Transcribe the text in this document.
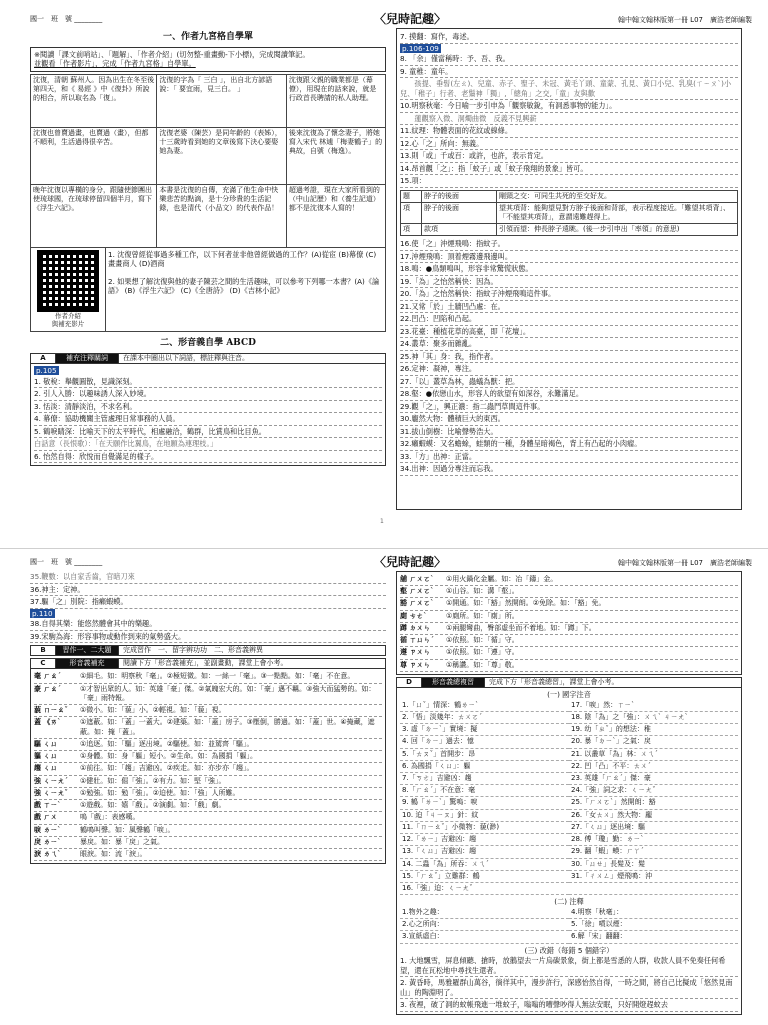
國一　班　號 ________	〈兒時記趣〉	翰中翰文翰林版第一冊 L07　廣浩老師編製
一、作者九宮格自學單
※閱讀「課文前哨站」、「題解」、「作者介紹」(切勿整-重畫動-下小標)，完成閱讀筆記。
並觀看「作者影片」，完成「作者九宮格」自學單。
沈復，清朝 蘇州人。因為出生在冬至後第四天，和《 易經 》中《復卦》所說的相合，所以取名為「復」。	沈復的字為「 三白 」，出自北方諺語說：「 要宜雨，見三白。 」	沈復跟父親的職業都是（幕僚），用現在的話來說，就是行政首長聘請的私人助理。
沈復也曾賣過畫，也賣過（畫），但都不順利，生活過得很辛苦。	沈復老婆（陳芸）是同年齡的（表姊），十三歲時看到她的文章後寫下決心要娶她為妻。	後來沈復為了懷念妻子，將她寫入宋代 林逋「梅妻鶴子」的典故，自號（梅逸）。
晚年沈復以專橫的身分，跟隨使節團出使琉球國，在琉球停留四個半月，寫下《浮生六記》。	本書是沈復的自傳，充滿了他生命中快樂悲苦的點滴，是十分珍貴的生活記錄，也是清代（小品文）的代表作品！	超過考證，現在大家所看到的（中山記歷）和（養生記道）都不是沈復本人寫的！
作者介紹
與補充影片
1. 沈復曾經從事過多種工作，以下何者並非他曾經做過的工作？(A)從宦 (B)幕僚 (C)畫畫商人 (D)酒商
2. 如果想了解沈復與他的妻子陳芸之間的生活趣味，可以參考下列哪一本書？(A)《論語》 (B)《浮生六記》 (C)《全唐詩》 (D)《吉林小記》
二、形音義自學 ABCD
A	補充注釋關詞	在課本中圈出以下詞語，標註釋與注音。
p.105
1. 敬稅：舉觀圓散，見識深刻。
2. 引人入勝：以趣味誘人深入妙境。
3. 恬淡：清靜淡泊，不求名利。
4. 幕僚：協助機關主管處理日常事務的人員。
5. 鶴唳睛深：比喻天下的太平時代，相處融洽，鶴群，比賞鳥和比目魚。
白話意（長恨歌）：「在天願作比翼鳥，在地願為連理枝。」
6. 怡然自得：欣悅而自覺滿足的樣子。
7. 摸翻：寫作，毒述。
p.106-109
8. 「余」僅當稱時：予、吾、我。
9. 童稚：童年。
　　孩提、垂髫(左ㄠ)、兒童、赤子、聖子、未冠、黃毛丫頭、童蒙、孔見、黃口小兒、乳臭(ㄒㄧㄡˋ)小兒、「稚子」行者、老鬚神「獨」,「總角」之交,「童」友與歡
10.明察秋毫：今日喻一步引申為「觀察敏銳，有洞悉事物的能力」。
　　蓮觀察入微、洞燭曲微　反義不見興薪
11.紋理：物體表面的花紋或線條。
12.心「之」所向：無義。
13.則「或」千或百：或許，也許，表示肯定。
14.昂首觀「之」：指「蚊子」或「蚊子飛翔的景象」皆可。
15.項：
題	脖子的後面	剛頸之交：可同生共死的至交好友。
項	脖子的後面	望其項背：能夠望見對方脖子後面和背部，表示程度接近。「難望其項背」、「不能望其項背」，意謂遠難趕得上。
項	款項	引領而望：伸長脖子遠眺。(後一步引申出「率領」的意思)
16.使「之」沖煙飛鳴：指蚊子。
17.沖煙飛鳴：頂着煙霧邊飛邊叫。
18.鳴：●鳥類鳴叫，形容非常驚慌狀態。
19.「為」之怡然稱快：因為。
20.「為」之怡然稱快：指蚊子沖煙飛鳴這件事。
21.又常「於」土牆凹凸處：在。
22.凹凸：凹陷和凸起。
23.花臺：種植花草的高臺，即「花壇」。
24.叢草：聚多而雜亂。
25.神「其」身：我，指作者。
26.定神：凝神，專注。
27.「以」叢草為林，蟲蟻為獸：把。
28.壑：●依戀山水，形容人的欲望有如深谷，永難滿足。
29.觀「之」，興正濃：指二蟲鬥草間這件事。
30.龐然大物：體積巨大的東西。
31.拔山倒樹：比喻聲勢浩大。
32.癩蝦蟆：又名蟾蜍，蛙類的一種，身體呈暗褐色，背上有凸起的小肉瘤。
33.「方」出神：正當。
34.出神：因過分專注而忘我。
1
國一　班　號 ________	〈兒時記趣〉	翰中翰文翰林版第一冊 L07　廣浩老師編製
35.鞭數：以自家舌齒，官暗刀來
36.神主：定神。
37.驅「之」別院：指癩蝦蟆。
p.110
38.自得其樂：能悠然體會其中的樂趣。
39.宋駒為海：形容事物或動作到來的氣勢盛大。
B	習作一、二大題	完成習作　一、留字辨功功　二、形音義辨異
C	形音義補充	閱讀下方「形音義補充」，並副畫動，課堂上會小考。
毫 ㄏㄠˊ	①細毛。如：明察秋「毫」。②極短微。如：一絲一「毫」。③一點點。如：「毫」不在意。
豪 ㄏㄠˊ	①才智出眾的人。如：英雄「豪」傑。②氣魄宏大的。如：「豪」邁不羈。③強大而猛勢的。如：「豪」雨特報。
藐 ㄇㄧㄠˇ	①微小。如：「藐」小。②輕視。如：「藐」視。
蓋 《ㄞˋ	①遮蔽。如：「蓋」一蓋大。②建築。如：「蓋」房子。③壓倒，勝過。如：「蓋」世。④掩藏，遮蔽。如：掩「蓋」。
驅 ㄑㄩ	①追逐。如：「驅」逐出境。②驅使。如：並駕齊「驅」。
軀 ㄑㄩ	①身體。如：身「軀」短小。②生命。如：為國捐「軀」。
趨 ㄑㄩ	①前往。如：「趨」吉避凶。②疾走。如：亦步亦「趨」。
強 ㄑㄧㄤˊ	①健壯。如：倔「強」。②有力。如：堅「強」。
強 ㄑㄧㄤˇ	①勉強。如：勉「強」。②迫使。如：「強」人所難。
戲 ㄒㄧˋ	①遊戲。如：嬉「戲」。②演劇。如：「戲」劇。
戲 ㄏㄨ	嗚「戲」：表感嘆。
唳 ㄌㄧˋ	鶴鳴叫聲。如：風聲鶴「唳」。
戾 ㄌㄧˋ	暴戾。如：暴「戾」之氣。
淚 ㄌㄟˋ	眼淚。如：流「淚」。
舖 ㄏㄨㄛˋ	①用火鍋化金屬。如：冶「鑄」金。
壑 ㄏㄨㄛˋ	①山谷。如：溝「壑」。
豁 ㄏㄨㄛˋ	①開通。如：「豁」然開朗。②免除。如：「豁」免。
廁 ㄘㄜˋ	①廁所。如：「廁」所。
蹲 ㄉㄨㄣ	①兩腿彎曲，臀部虛坐而不着地。如：「蹲」下。
循 ㄒㄩㄣˊ	①依照。如：「循」守。
遵 ㄗㄨㄣ	①依照。如：「遵」守。
尊 ㄗㄨㄣ	①稱讚。如：「尊」敬。
D	形音義總複習	完成下方「形音義總習」，課堂上會小考。
(一) 國字注音
1.「ㄩˇ」情深：鶴ㄌㄧˋ	17.「唳」然：ㄒㄧˋ
2.「悟」淡幾年：ㄊㄨㄛˊ	18. 陰「為」之「強」：ㄨㄟˋ ㄐㄧㄤˋ
3. 虛「ㄉㄧˋ」實境：擬	19. 幼「ㄓˇ」的想法：稚
4. 回「ㄉㄧ」過去：憶	20. 暴「ㄉㄧˋ」之氣：戾
5.「ㄊㄡˇ」首開步：昂	21. 以叢草「為」林：ㄨㄟˊ
6. 為國捐「ㄑㄩ」：軀	22. 凹「凸」不平：ㄊㄨˊ
7.「ㄎㄜ」吉避凶：趨	23. 英雄「ㄏㄠˊ」傑：豪
8.「ㄏㄠˊ」不在意：毫	24.「強」詞之求：ㄑㄧㄤˇ
9. 鶴「ㄌㄧˋ」驚嗚：唳	25.「ㄏㄨㄛˋ」然開朗：豁
10. 迫「ㄐㄧㄡ」針：紋	26.「女ㄊㄨ」然大物：龐
11.「ㄇㄧㄠˇ」小微物：藐(渺)	27.「ㄑㄩ」逐出境：驅
12.「ㄌㄧ」吉避凶：趨	28. 傅「瓊」勤：ㄌㄧˋ
13.「ㄑㄩ」吉避凶：趨	29. 翻「蝦」蟆：ㄏㄚˊ
14. 二蟲「為」所吞：ㄨㄟˊ	30.「ㄩㄝ」長髮及：髮
15.「ㄏㄠˇ」立雞群：鶴	31.「ㄔㄨㄥ」煙飛鳴：沖
16.「強」迫：ㄑㄧㄤˇ
(二) 注釋
1.物外之趣：	4.明察「秋毫」：
2.心之所向：	5.「徐」噴以煙：
3.宣紙虛白：	6.解「宋」翻翻：
(三) 改錯（每錯 5 個錯字）
1. 大地飄雪，屏息傾聽、搶時，放鵝望去一片烏碳景象，街上都是雪悉的人群，收款人員不免奏任何希望，還在瓦松地中尋找生還者。
2. 黃昏時，馬雅羅群山萬谷，徜徉其中，漫步許行，深感怡然自得，一時之間，將自己比擬成「悠然見南山」的陶淵明了。
3. 夜裡，破了洞的蚊帳飛進一堆蚊子，嗡嗡的嘈聲吵得人無法安眠，只好開燈趕蚊去
